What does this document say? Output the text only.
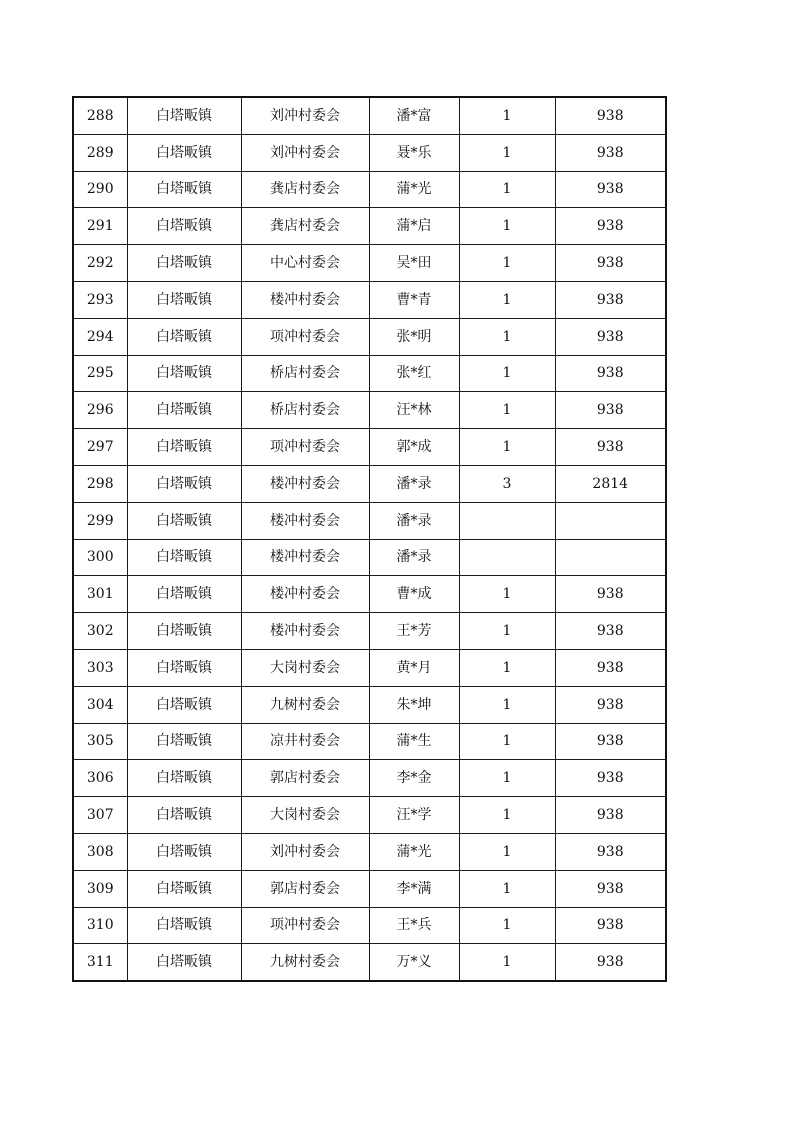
288	白塔畈镇	刘冲村委会	潘*富	1	938
289	白塔畈镇	刘冲村委会	聂*乐	1	938
290	白塔畈镇	龚店村委会	蒲*光	1	938
291	白塔畈镇	龚店村委会	蒲*启	1	938
292	白塔畈镇	中心村委会	吴*田	1	938
293	白塔畈镇	楼冲村委会	曹*青	1	938
294	白塔畈镇	项冲村委会	张*明	1	938
295	白塔畈镇	桥店村委会	张*红	1	938
296	白塔畈镇	桥店村委会	汪*林	1	938
297	白塔畈镇	项冲村委会	郭*成	1	938
298	白塔畈镇	楼冲村委会	潘*录	3	2814
299	白塔畈镇	楼冲村委会	潘*录		
300	白塔畈镇	楼冲村委会	潘*录		
301	白塔畈镇	楼冲村委会	曹*成	1	938
302	白塔畈镇	楼冲村委会	王*芳	1	938
303	白塔畈镇	大岗村委会	黄*月	1	938
304	白塔畈镇	九树村委会	朱*坤	1	938
305	白塔畈镇	凉井村委会	蒲*生	1	938
306	白塔畈镇	郭店村委会	李*金	1	938
307	白塔畈镇	大岗村委会	汪*学	1	938
308	白塔畈镇	刘冲村委会	蒲*光	1	938
309	白塔畈镇	郭店村委会	李*满	1	938
310	白塔畈镇	项冲村委会	王*兵	1	938
311	白塔畈镇	九树村委会	万*义	1	938
